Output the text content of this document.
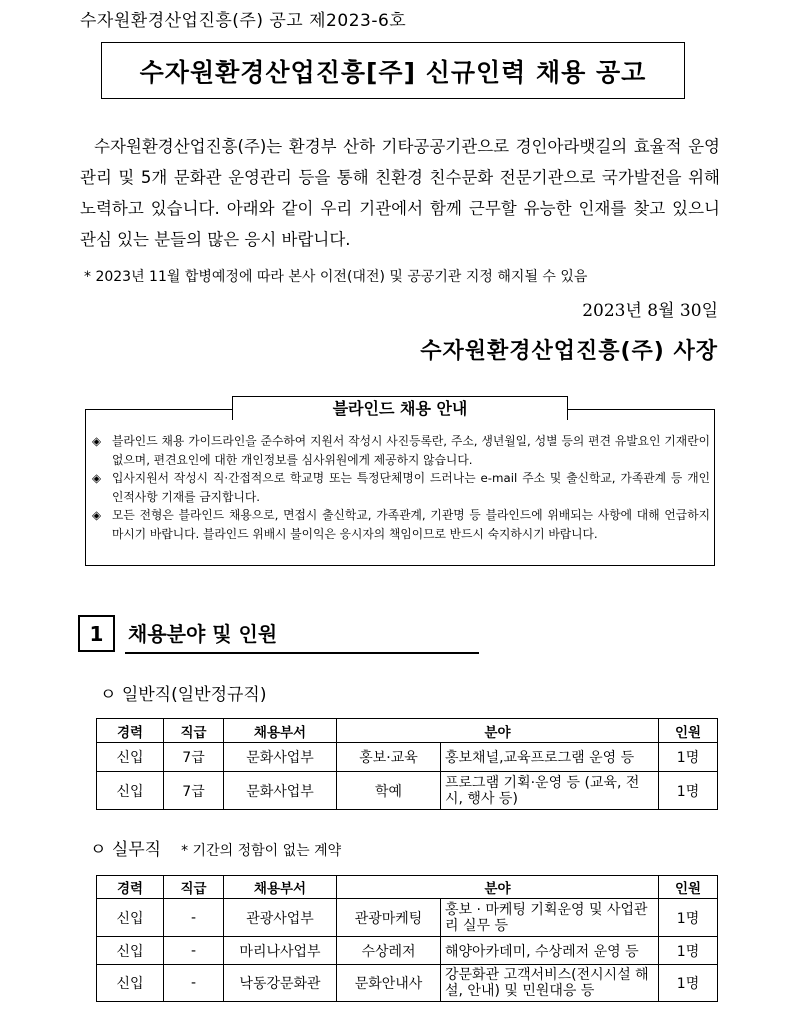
수자원환경산업진흥(주) 공고 제2023-6호
수자원환경산업진흥[주] 신규인력 채용 공고

수자원환경산업진흥(주)는 환경부 산하 기타공공기관으로 경인아라뱃길의 효율적 운영관리 및 5개 문화관 운영관리 등을 통해 친환경 친수문화 전문기관으로 국가발전을 위해 노력하고 있습니다. 아래와 같이 우리 기관에서 함께 근무할 유능한 인재를 찾고 있으니 관심 있는 분들의 많은 응시 바랍니다.

* 2023년 11월 합병예정에 따라 본사 이전(대전) 및 공공기관 지정 해지될 수 있음
2023년 8월 30일
수자원환경산업진흥(주) 사장
블라인드 채용 안내
◈ 블라인드 채용 가이드라인을 준수하여 지원서 작성시 사진등록란, 주소, 생년월일, 성별 등의 편견 유발요인 기재란이 없으며, 편견요인에 대한 개인정보를 심사위원에게 제공하지 않습니다.
◈ 입사지원서 작성시 직·간접적으로 학교명 또는 특정단체명이 드러나는 e-mail 주소 및 출신학교, 가족관계 등 개인 인적사항 기재를 금지합니다.
◈ 모든 전형은 블라인드 채용으로, 면접시 출신학교, 가족관계, 기관명 등 블라인드에 위배되는 사항에 대해 언급하지 마시기 바랍니다. 블라인드 위배시 불이익은 응시자의 책임이므로 반드시 숙지하시기 바랍니다.
1	채용분야 및 인원
ㅇ 일반직(일반정규직)
경력	직급	채용부서	분야		인원
신입	7급	문화사업부	홍보·교육	홍보채널,교육프로그램 운영 등	1명
신입	7급	문화사업부	학예	프로그램 기획·운영 등 (교육, 전시, 행사 등)	1명
ㅇ 실무직 * 기간의 정함이 없는 계약
경력	직급	채용부서	분야		인원
신입	-	관광사업부	관광마케팅	홍보 · 마케팅 기획운영 및 사업관리 실무 등	1명
신입	-	마리나사업부	수상레저	해양아카데미, 수상레저 운영 등	1명
신입	-	낙동강문화관	문화안내사	강문화관 고객서비스(전시시설 해설, 안내) 및 민원대응 등	1명
